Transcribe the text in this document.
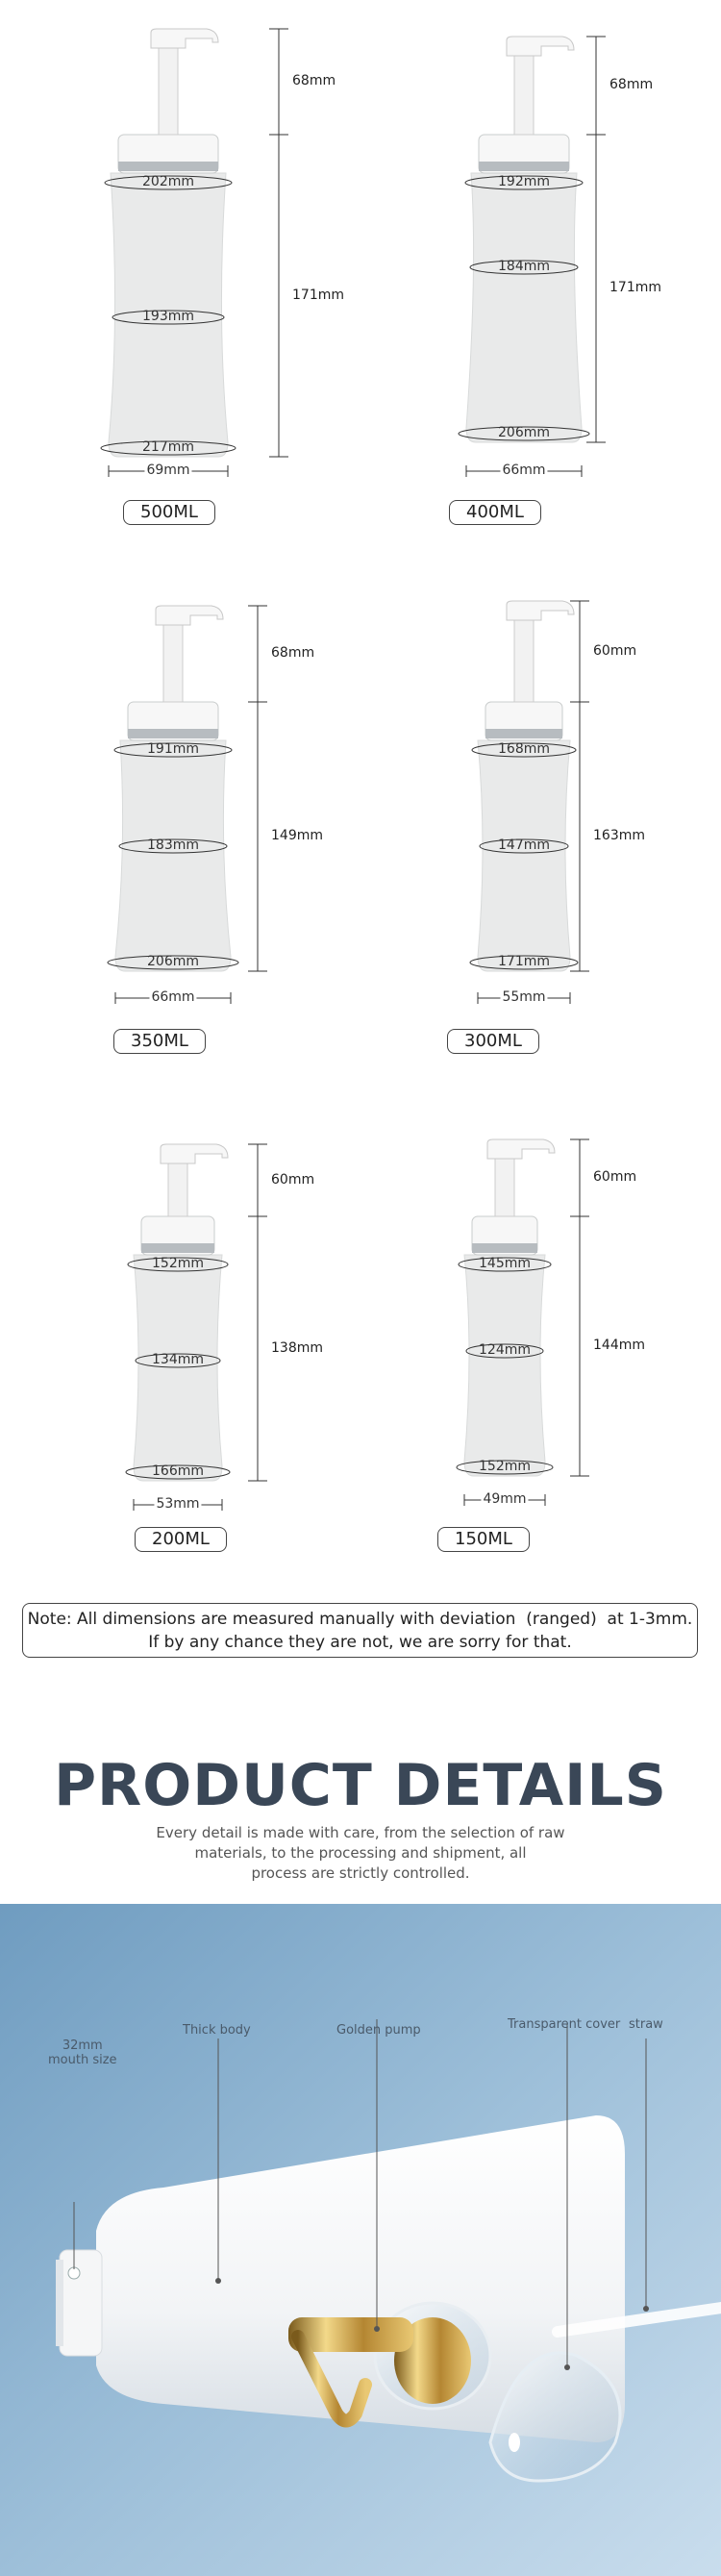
68mm
171mm
202mm
193mm
217mm
69mm
500ML
68mm
171mm
192mm
184mm
206mm
66mm
400ML
68mm
149mm
191mm
183mm
206mm
66mm
350ML
60mm
163mm
168mm
147mm
171mm
55mm
300ML
60mm
138mm
152mm
134mm
166mm
53mm
200ML
60mm
144mm
145mm
124mm
152mm
49mm
150ML
Note: All dimensions are measured manually with deviation  (ranged)  at 1-3mm.
If by any chance they are not, we are sorry for that.
PRODUCT DETAILS
Every detail is made with care, from the selection of raw
materials, to the processing and shipment, all
process are strictly controlled.
32mm
mouth size
Thick body	Golden pump	Transparent cover straw
